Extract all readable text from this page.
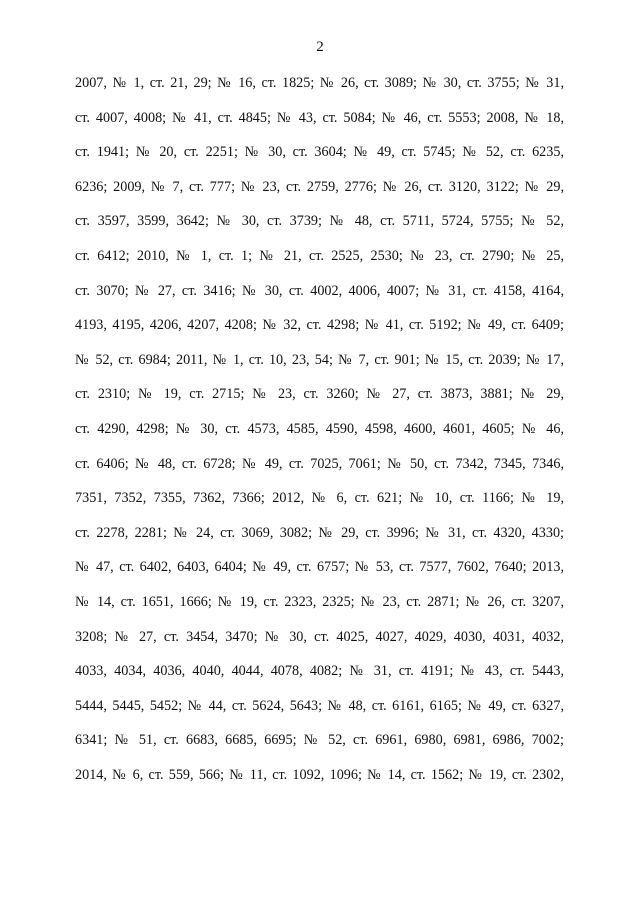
2
2007, № 1, ст. 21, 29; № 16, ст. 1825; № 26, ст. 3089; № 30, ст. 3755; № 31,
ст. 4007, 4008; № 41, ст. 4845; № 43, ст. 5084; № 46, ст. 5553; 2008, № 18,
ст. 1941; № 20, ст. 2251; № 30, ст. 3604; № 49, ст. 5745; № 52, ст. 6235,
6236; 2009, № 7, ст. 777; № 23, ст. 2759, 2776; № 26, ст. 3120, 3122; № 29,
ст. 3597, 3599, 3642; № 30, ст. 3739; № 48, ст. 5711, 5724, 5755; № 52,
ст. 6412; 2010, № 1, ст. 1; № 21, ст. 2525, 2530; № 23, ст. 2790; № 25,
ст. 3070; № 27, ст. 3416; № 30, ст. 4002, 4006, 4007; № 31, ст. 4158, 4164,
4193, 4195, 4206, 4207, 4208; № 32, ст. 4298; № 41, ст. 5192; № 49, ст. 6409;
№ 52, ст. 6984; 2011, № 1, ст. 10, 23, 54; № 7, ст. 901; № 15, ст. 2039; № 17,
ст. 2310; № 19, ст. 2715; № 23, ст. 3260; № 27, ст. 3873, 3881; № 29,
ст. 4290, 4298; № 30, ст. 4573, 4585, 4590, 4598, 4600, 4601, 4605; № 46,
ст. 6406; № 48, ст. 6728; № 49, ст. 7025, 7061; № 50, ст. 7342, 7345, 7346,
7351, 7352, 7355, 7362, 7366; 2012, № 6, ст. 621; № 10, ст. 1166; № 19,
ст. 2278, 2281; № 24, ст. 3069, 3082; № 29, ст. 3996; № 31, ст. 4320, 4330;
№ 47, ст. 6402, 6403, 6404; № 49, ст. 6757; № 53, ст. 7577, 7602, 7640; 2013,
№ 14, ст. 1651, 1666; № 19, ст. 2323, 2325; № 23, ст. 2871; № 26, ст. 3207,
3208; № 27, ст. 3454, 3470; № 30, ст. 4025, 4027, 4029, 4030, 4031, 4032,
4033, 4034, 4036, 4040, 4044, 4078, 4082; № 31, ст. 4191; № 43, ст. 5443,
5444, 5445, 5452; № 44, ст. 5624, 5643; № 48, ст. 6161, 6165; № 49, ст. 6327,
6341; № 51, ст. 6683, 6685, 6695; № 52, ст. 6961, 6980, 6981, 6986, 7002;
2014, № 6, ст. 559, 566; № 11, ст. 1092, 1096; № 14, ст. 1562; № 19, ст. 2302,
